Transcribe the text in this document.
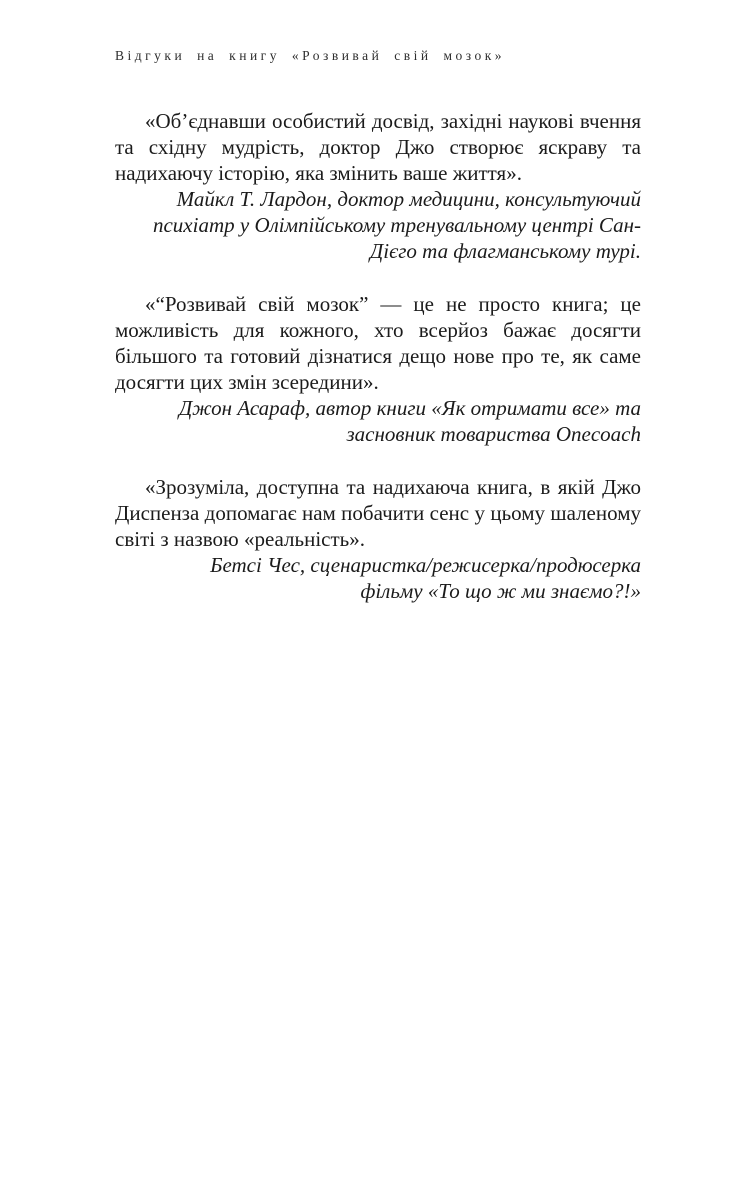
Відгуки на книгу «Розвивай свій мозок»

«Об’єднавши особистий досвід, західні наукові вчення та східну мудрість, доктор Джо створює яскраву та надихаючу історію, яка змінить ваше життя».

Майкл Т. Лардон, доктор медицини, консультуючий психіатр у Олімпійському тренувальному центрі Сан-Дієго та флагманському турі.

«“Розвивай свій мозок” — це не просто книга; це можливість для кожного, хто всерйоз бажає досягти більшого та готовий дізнатися дещо нове про те, як саме досягти цих змін зсередини».

Джон Асараф, автор книги «Як отримати все» та засновник товариства Onecoach

«Зрозуміла, доступна та надихаюча книга, в якій Джо Диспенза допомагає нам побачити сенс у цьому шаленому світі з назвою «реальність».

Бетсі Чес, сценаристка/режисерка/продюсерка фільму «То що ж ми знаємо?!»
